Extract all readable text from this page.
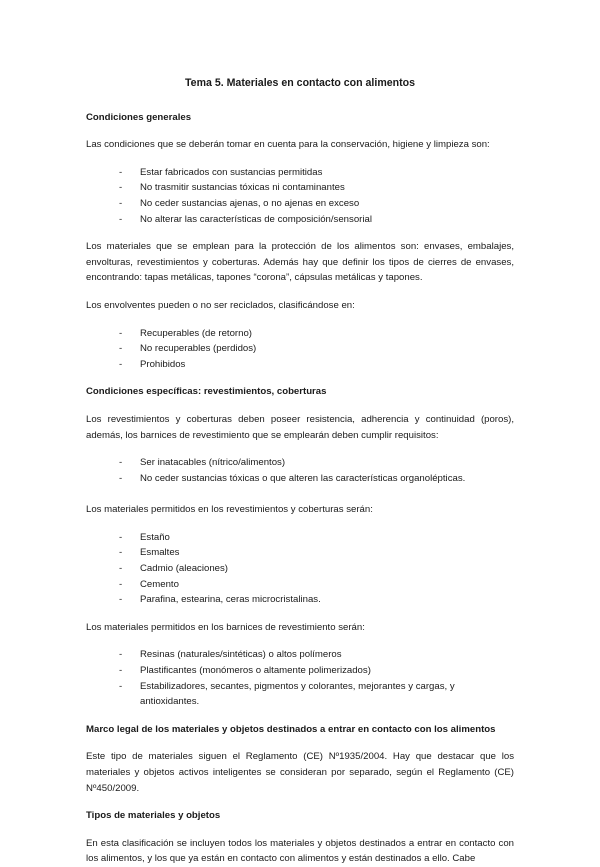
Tema 5. Materiales en contacto con alimentos
Condiciones generales

Las condiciones que se deberán tomar en cuenta para la conservación, higiene y limpieza son:

- Estar fabricados con sustancias permitidas
- No trasmitir sustancias tóxicas ni contaminantes
- No ceder sustancias ajenas, o no ajenas en exceso
- No alterar las características de composición/sensorial

Los materiales que se emplean para la protección de los alimentos son: envases, embalajes, envolturas, revestimientos y coberturas. Además hay que definir los tipos de cierres de envases, encontrando: tapas metálicas, tapones “corona”, cápsulas metálicas y tapones.

Los envolventes pueden o no ser reciclados, clasificándose en:

- Recuperables (de retorno)
- No recuperables (perdidos)
- Prohibidos
Condiciones específicas: revestimientos, coberturas

Los revestimientos y coberturas deben poseer resistencia, adherencia y continuidad (poros), además, los barnices de revestimiento que se emplearán deben cumplir requisitos:

- Ser inatacables (nítrico/alimentos)
- No ceder sustancias tóxicas o que alteren las características organolépticas.

Los materiales permitidos en los revestimientos y coberturas serán:

- Estaño
- Esmaltes
- Cadmio (aleaciones)
- Cemento
- Parafina, estearina, ceras microcristalinas.

Los materiales permitidos en los barnices de revestimiento serán:

- Resinas (naturales/sintéticas) o altos polímeros
- Plastificantes (monómeros o altamente polimerizados)
- Estabilizadores, secantes, pigmentos y colorantes, mejorantes y cargas, y antioxidantes.
Marco legal de los materiales y objetos destinados a entrar en contacto con los alimentos

Este tipo de materiales siguen el Reglamento (CE) Nº1935/2004. Hay que destacar que los materiales y objetos activos inteligentes se consideran por separado, según el Reglamento (CE) Nº450/2009.

Tipos de materiales y objetos

En esta clasificación se incluyen todos los materiales y objetos destinados a entrar en contacto con los alimentos, y los que ya están en contacto con alimentos y están destinados a ello. Cabe
